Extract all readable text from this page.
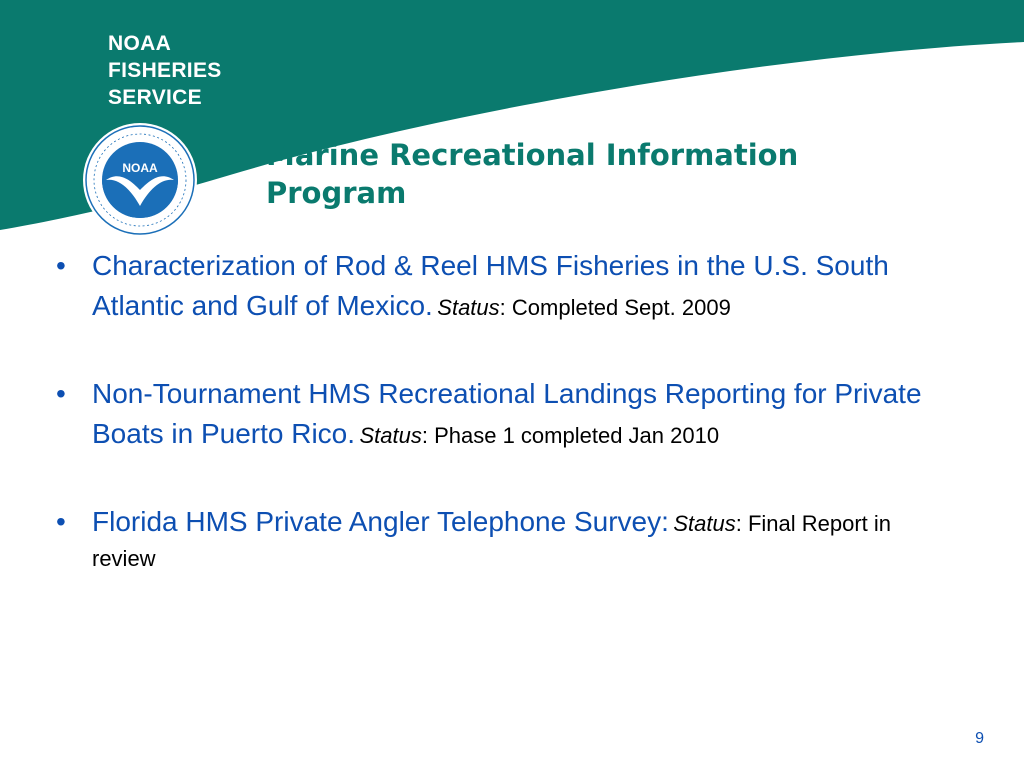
NOAA
FISHERIES
SERVICE
NOAA	Marine Recreational Information Program
• Characterization of Rod & Reel HMS Fisheries in the U.S. South Atlantic and Gulf of Mexico. Status: Completed Sept. 2009
• Non-Tournament HMS Recreational Landings Reporting for Private Boats in Puerto Rico. Status: Phase 1 completed Jan 2010
• Florida HMS Private Angler Telephone Survey: Status: Final Report in review
9
